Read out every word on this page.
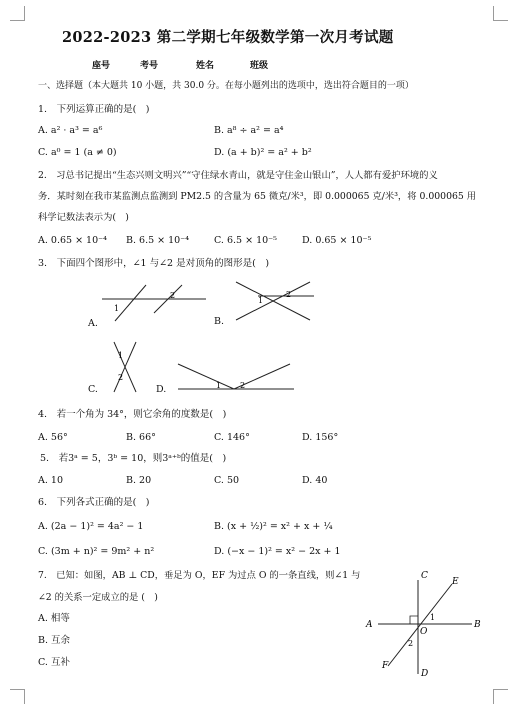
2022-2023 第二学期七年级数学第一次月考试题
座号	考号	姓名	班级
一、选择题（本大题共 10 小题，共 30.0 分。在每小题列出的选项中，选出符合题目的一项）
1.　下列运算正确的是(　)
A. a² · a³ = a⁶	B. a⁸ ÷ a² = a⁴
C. a⁰ = 1 (a ≠ 0)	D. (a + b)² = a² + b²
2.　习总书记提出“生态兴则文明兴”“守住绿水青山，就是守住金山银山”，人人都有爱护环境的义
务．某时刻在我市某监测点监测到 PM2.5 的含量为 65 微克/米³，即 0.000065 克/米³，将 0.000065 用
科学记数法表示为(　)
A. 0.65 × 10⁻⁴ B. 6.5 × 10⁻⁴	C. 6.5 × 10⁻⁵	D. 0.65 × 10⁻⁵
3.　下面四个图形中，∠1 与∠2 是对顶角的图形是(　)
1
2
A.
1
2
B.
1
2
C.	1 2
D.
4.　若一个角为 34°，则它余角的度数是(　)
A. 56°	B. 66°	C. 146°	D. 156°
5.　若3ᵃ = 5，3ᵇ = 10，则3ᵃ⁺ᵇ的值是(　)
A. 10	B. 20	C. 50	D. 40
6.　下列各式正确的是(　)
A. (2a − 1)² = 4a² − 1	B. (x + ½)² = x² + x + ¼
C. (3m + n)² = 9m² + n²	D. (−x − 1)² = x² − 2x + 1
7.　已知：如图，AB ⊥ CD，垂足为 O，EF 为过点 O 的一条直线，则∠1 与
∠2 的关系一定成立的是 (　)
A. 相等
B. 互余
C. 互补
A	B
C
D
E
F
O
1
2
